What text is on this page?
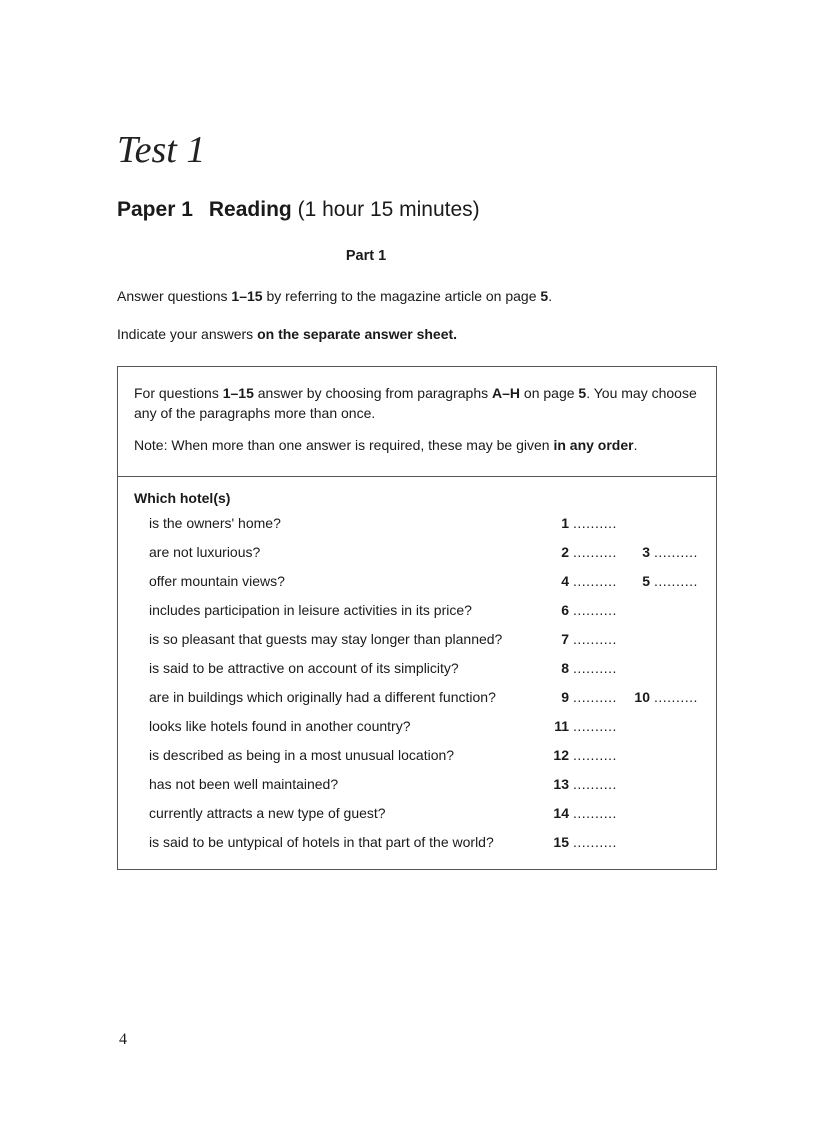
Test 1
Paper 1 Reading (1 hour 15 minutes)
Part 1

Answer questions 1–15 by referring to the magazine article on page 5.

Indicate your answers on the separate answer sheet.

For questions 1–15 answer by choosing from paragraphs A–H on page 5. You may choose any of the paragraphs more than once.

Note: When more than one answer is required, these may be given in any order.

Which hotel(s)

is the owners' home?	1 ..........
are not luxurious?	2 ..........	3 ..........
offer mountain views?	4 ..........	5 ..........
includes participation in leisure activities in its price?	6 ..........
is so pleasant that guests may stay longer than planned?	7 ..........
is said to be attractive on account of its simplicity?	8 ..........
are in buildings which originally had a different function?	9 ..........	10 ..........
looks like hotels found in another country?	11 ..........
is described as being in a most unusual location?	12 ..........
has not been well maintained?	13 ..........
currently attracts a new type of guest?	14 ..........
is said to be untypical of hotels in that part of the world?	15 ..........

4
